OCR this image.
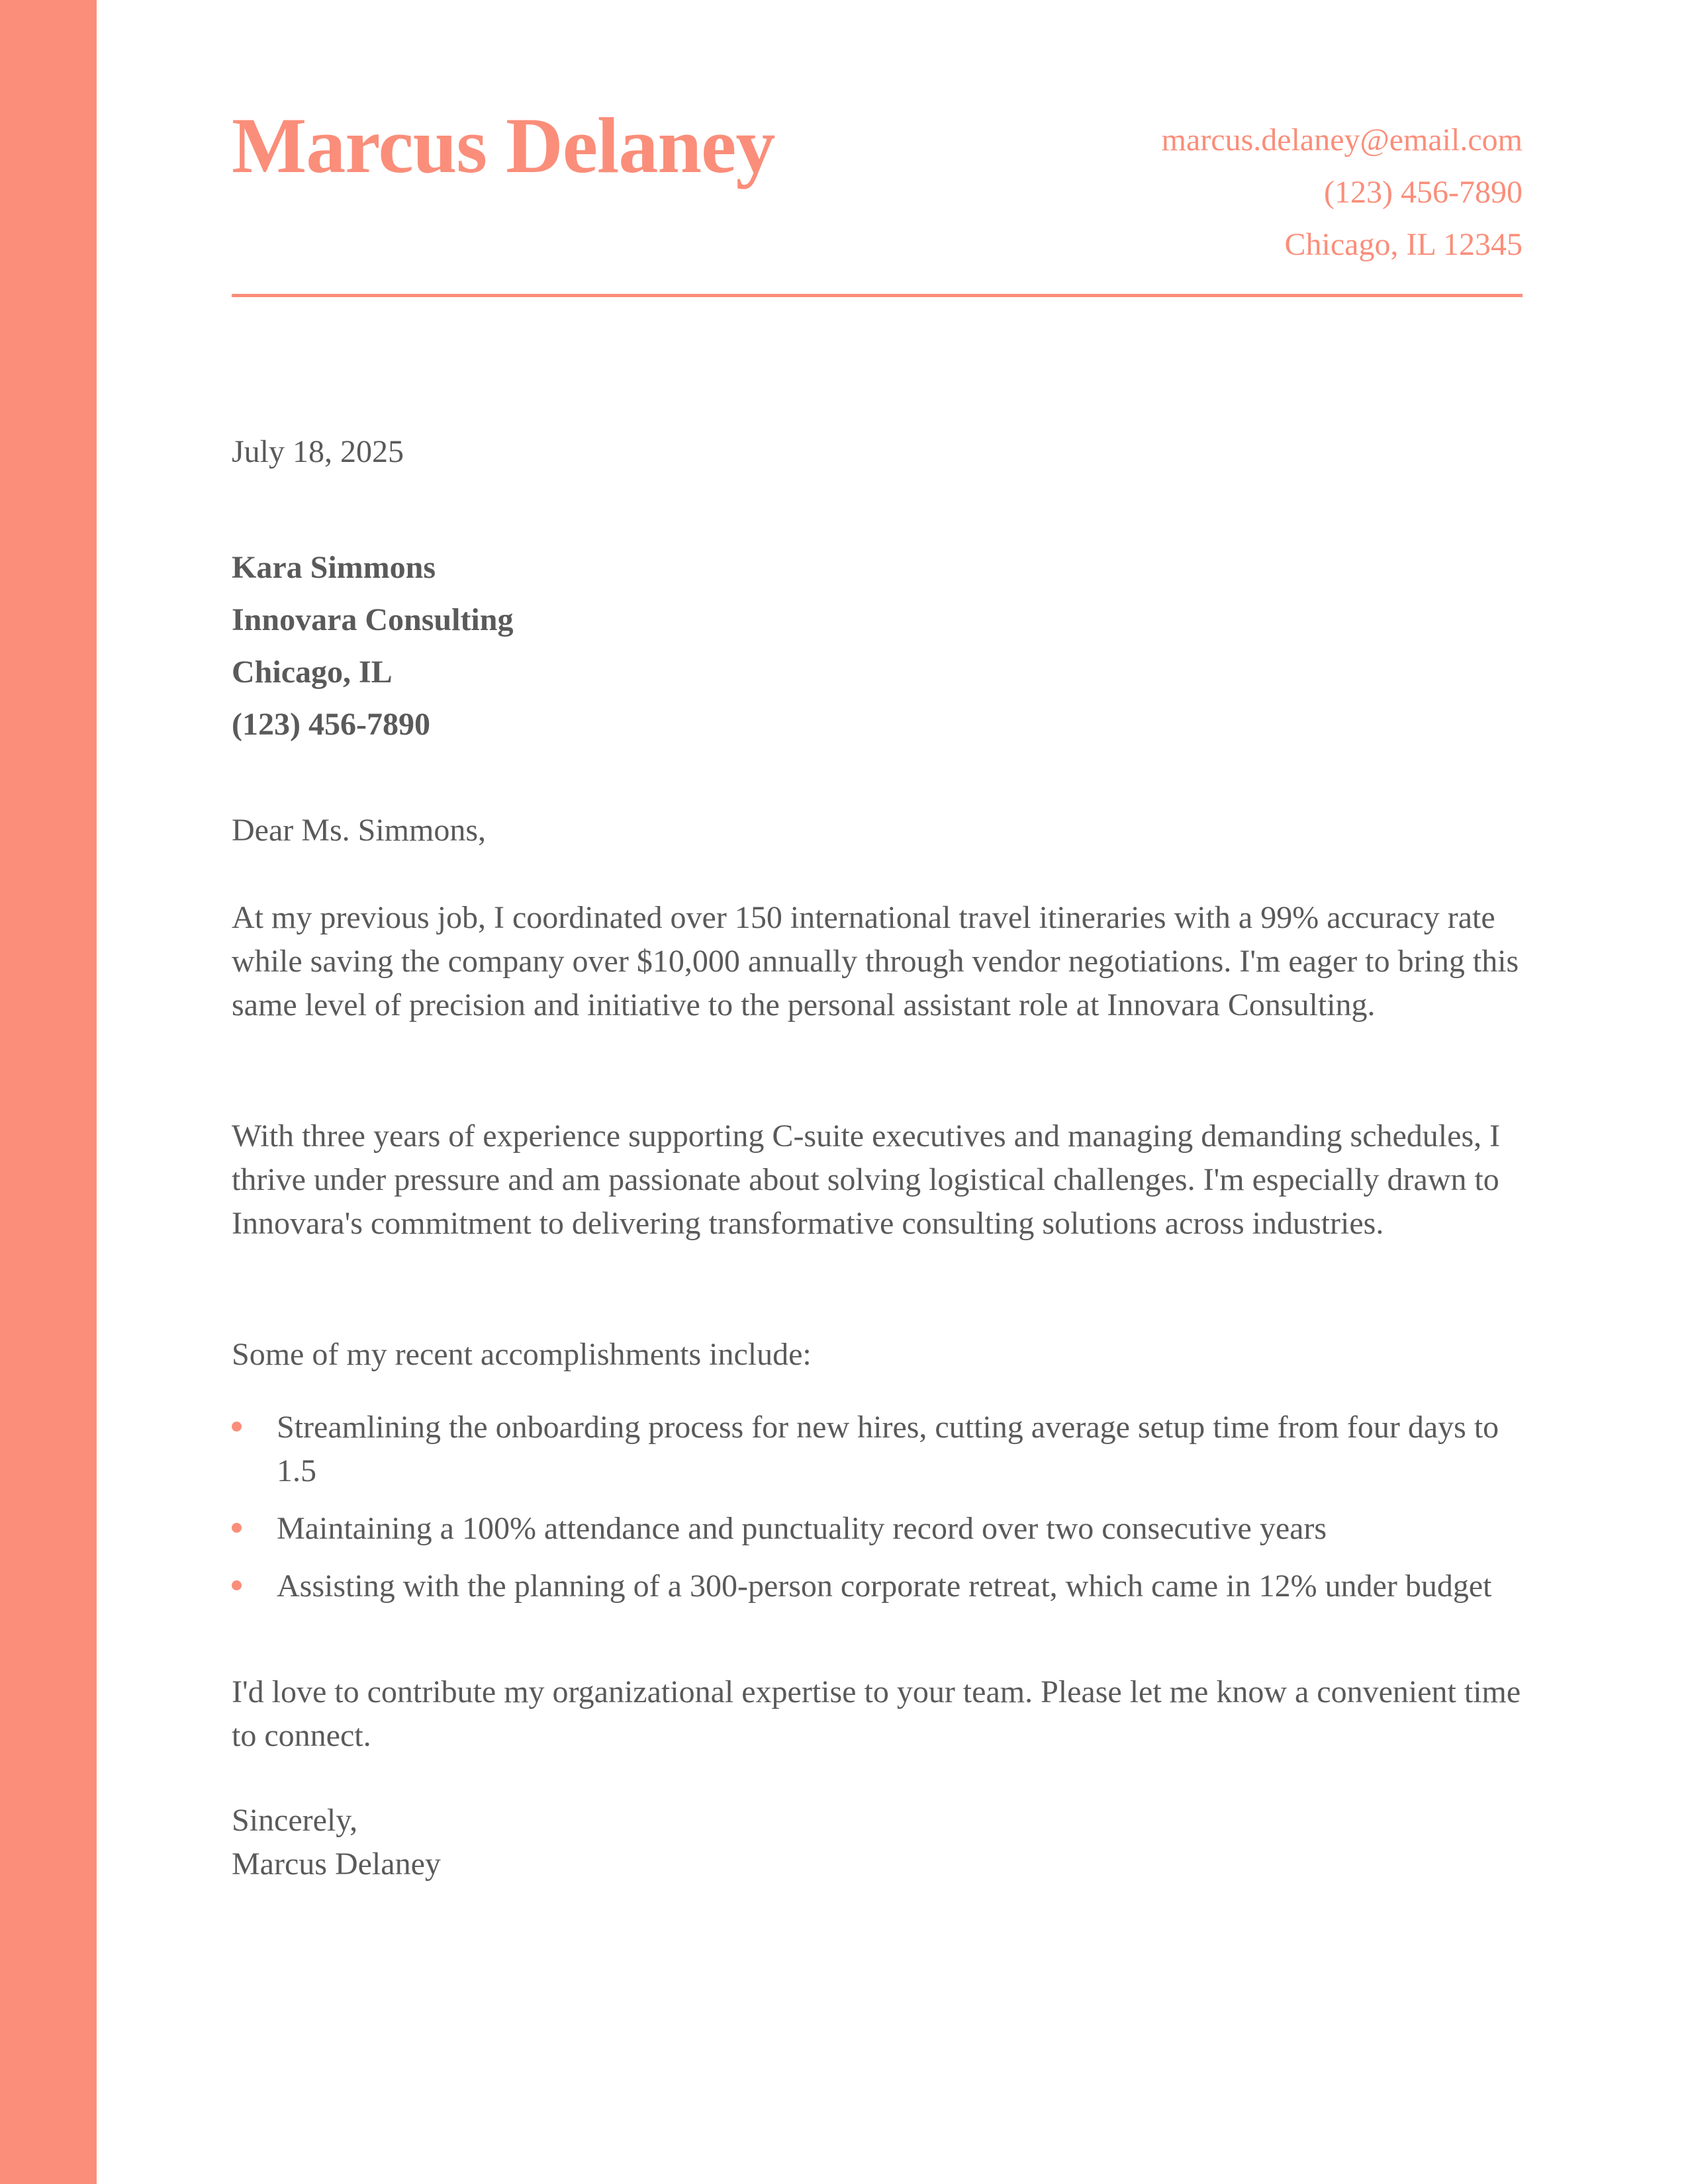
Marcus Delaney	marcus.delaney@email.com
(123) 456-7890
Chicago, IL 12345
July 18, 2025
Kara Simmons
Innovara Consulting
Chicago, IL
(123) 456-7890
Dear Ms. Simmons,

At my previous job, I coordinated over 150 international travel itineraries with a 99% accuracy rate while saving the company over $10,000 annually through vendor negotiations. I'm eager to bring this same level of precision and initiative to the personal assistant role at Innovara Consulting.

With three years of experience supporting C-suite executives and managing demanding schedules, I thrive under pressure and am passionate about solving logistical challenges. I'm especially drawn to Innovara's commitment to delivering transformative consulting solutions across industries.

Some of my recent accomplishments include:

Streamlining the onboarding process for new hires, cutting average setup time from four days to 1.5
Maintaining a 100% attendance and punctuality record over two consecutive years
Assisting with the planning of a 300-person corporate retreat, which came in 12% under budget

I'd love to contribute my organizational expertise to your team. Please let me know a convenient time to connect.

Sincerely,
Marcus Delaney
